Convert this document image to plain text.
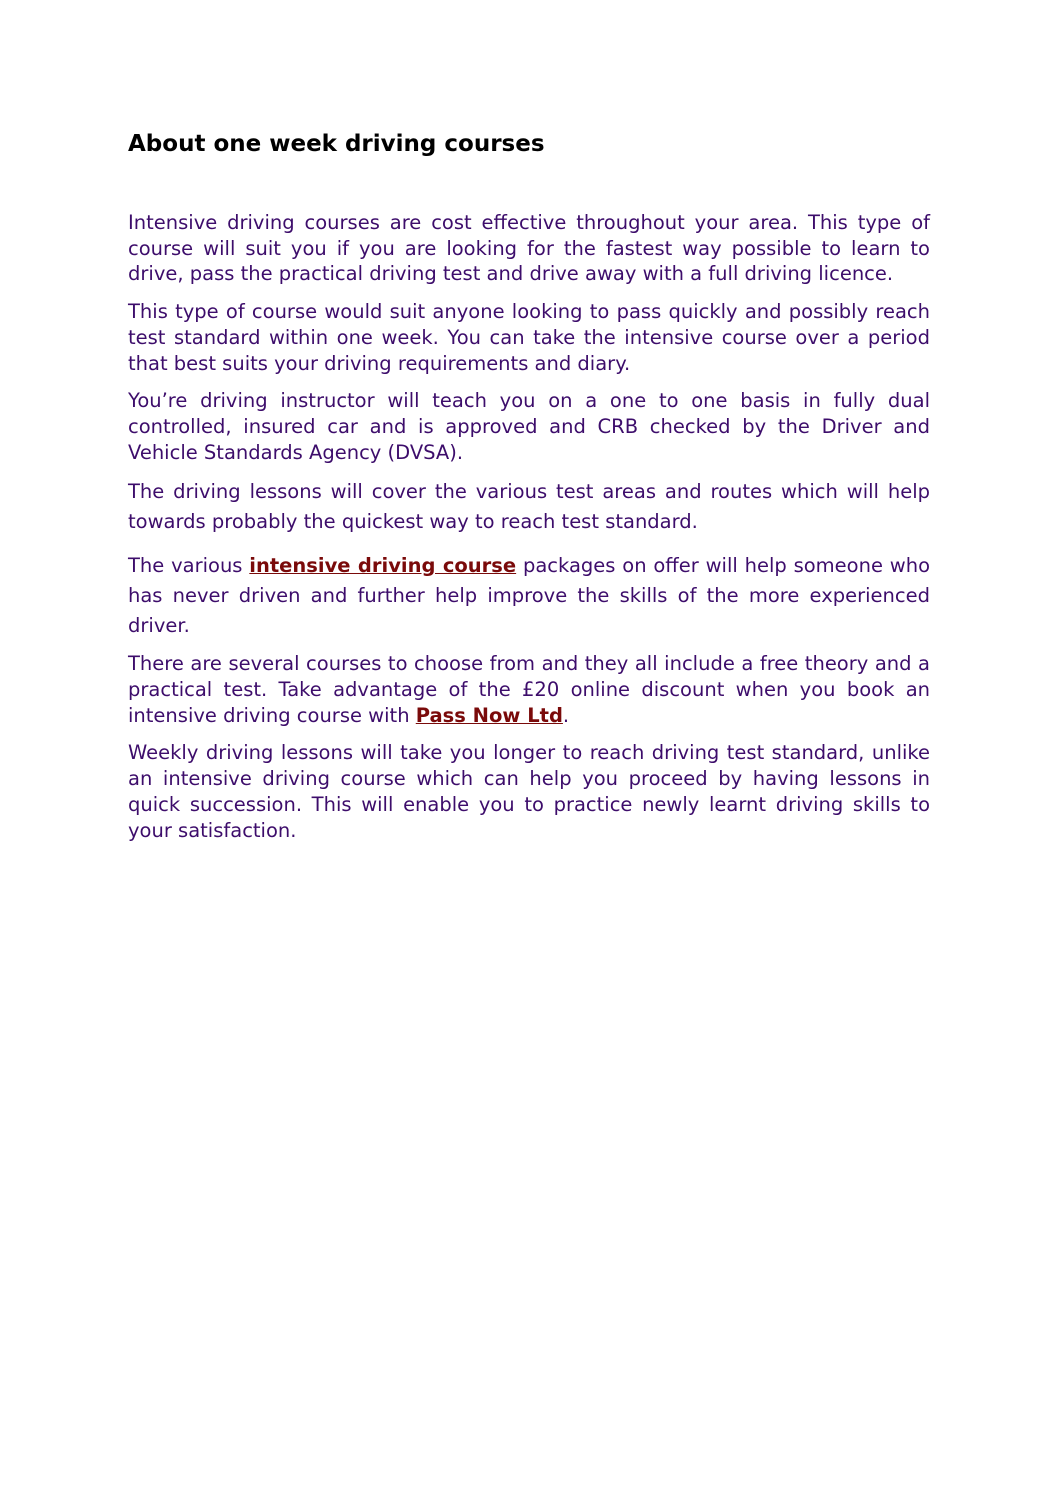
About one week driving courses

Intensive driving courses are cost effective throughout your area. This type of course will suit you if you are looking for the fastest way possible to learn to drive, pass the practical driving test and drive away with a full driving licence.

This type of course would suit anyone looking to pass quickly and possibly reach test standard within one week. You can take the intensive course over a period that best suits your driving requirements and diary.

You’re driving instructor will teach you on a one to one basis in fully dual controlled, insured car and is approved and CRB checked by the Driver and Vehicle Standards Agency (DVSA).

The driving lessons will cover the various test areas and routes which will help towards probably the quickest way to reach test standard.

The various intensive driving course packages on offer will help someone who has never driven and further help improve the skills of the more experienced driver.

There are several courses to choose from and they all include a free theory and a practical test. Take advantage of the £20 online discount when you book an intensive driving course with Pass Now Ltd.

Weekly driving lessons will take you longer to reach driving test standard, unlike an intensive driving course which can help you proceed by having lessons in quick succession. This will enable you to practice newly learnt driving skills to your satisfaction.
